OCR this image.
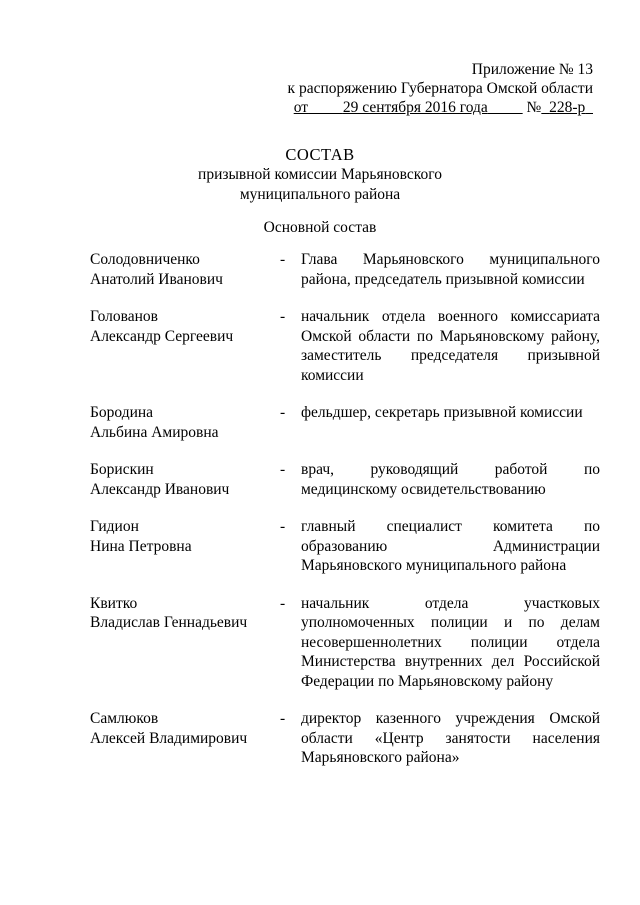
Приложение № 13
к распоряжению Губернатора Омской области
от 29 сентября 2016 года
	№ 228-р
СОСТАВ
призывной комиссии Марьяновского
муниципального района
Основной состав
Солодовниченко
Анатолий Иванович
-	Глава Марьяновского муниципального района, председатель призывной комиссии
Голованов
Александр Сергеевич
-	начальник отдела военного комиссариата Омской области по Марьяновскому району, заместитель председателя призывной комиссии
Бородина
Альбина Амировна
-	фельдшер, секретарь призывной комиссии
Борискин
Александр Иванович
-	врач, руководящий работой по медицинскому освидетельствованию
Гидион
Нина Петровна
-	главный специалист комитета по образованию Администрации Марьяновского муниципального района
Квитко
Владислав Геннадьевич
-	начальник отдела участковых уполномоченных полиции и по делам несовершеннолетних полиции отдела Министерства внутренних дел Российской Федерации по Марьяновскому району
Самлюков
Алексей Владимирович
-	директор казенного учреждения Омской области «Центр занятости населения Марьяновского района»
